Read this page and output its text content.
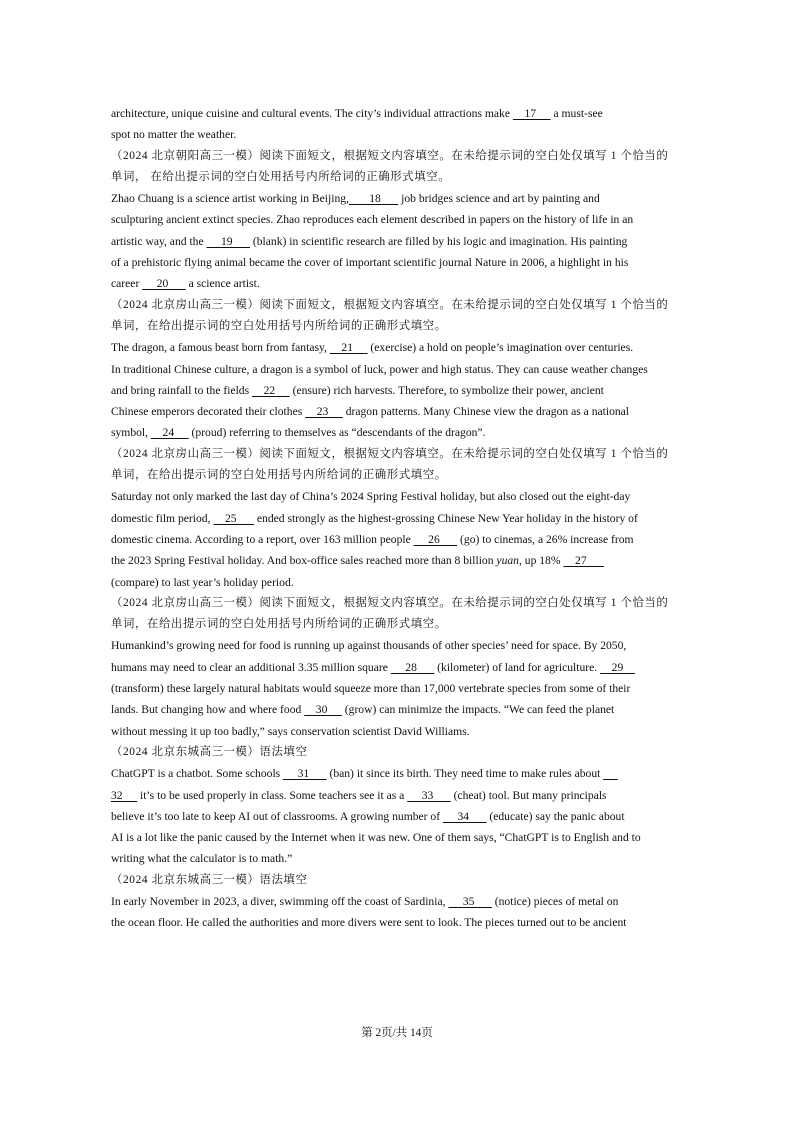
architecture, unique cuisine and cultural events. The city’s individual attractions make     17      a must-see
spot no matter the weather.
（2024 北京朝阳高三一模）阅读下面短文，根据短文内容填空。在未给提示词的空白处仅填写 1 个恰当的
单词， 在给出提示词的空白处用括号内所给词的正确形式填空。
Zhao Chuang is a science artist working in Beijing,       18       job bridges science and art by painting and
sculpturing ancient extinct species. Zhao reproduces each element described in papers on the history of life in an
artistic way, and the      19       (blank) in scientific research are filled by his logic and imagination. His painting
of a prehistoric flying animal became the cover of important scientific journal Nature in 2006, a highlight in his
career      20       a science artist.
（2024 北京房山高三一模）阅读下面短文，根据短文内容填空。在未给提示词的空白处仅填写 1 个恰当的
单词，在给出提示词的空白处用括号内所给词的正确形式填空。
The dragon, a famous beast born from fantasy,     21      (exercise) a hold on people’s imagination over centuries.
In traditional Chinese culture, a dragon is a symbol of luck, power and high status. They can cause weather changes
and bring rainfall to the fields     22      (ensure) rich harvests. Therefore, to symbolize their power, ancient
Chinese emperors decorated their clothes     23      dragon patterns. Many Chinese view the dragon as a national
symbol,     24      (proud) referring to themselves as “descendants of the dragon”.
（2024 北京房山高三一模）阅读下面短文，根据短文内容填空。在未给提示词的空白处仅填写 1 个恰当的
单词，在给出提示词的空白处用括号内所给词的正确形式填空。
Saturday not only marked the last day of China’s 2024 Spring Festival holiday, but also closed out the eight-day
domestic film period,     25       ended strongly as the highest-grossing Chinese New Year holiday in the history of
domestic cinema. According to a report, over 163 million people      26       (go) to cinemas, a 26% increase from
the 2023 Spring Festival holiday. And box-office sales reached more than 8 billion yuan, up 18%     27
(compare) to last year’s holiday period.
（2024 北京房山高三一模）阅读下面短文，根据短文内容填空。在未给提示词的空白处仅填写 1 个恰当的
单词，在给出提示词的空白处用括号内所给词的正确形式填空。
Humankind’s growing need for food is running up against thousands of other species’ need for space. By 2050,
humans may need to clear an additional 3.35 million square      28       (kilometer) of land for agriculture.     29
(transform) these largely natural habitats would squeeze more than 17,000 vertebrate species from some of their
lands. But changing how and where food     30      (grow) can minimize the impacts. “We can feed the planet
without messing it up too badly,” says conservation scientist David Williams.
（2024 北京东城高三一模）语法填空
ChatGPT is a chatbot. Some schools      31       (ban) it since its birth. They need time to make rules about
32      it’s to be used properly in class. Some teachers see it as a      33       (cheat) tool. But many principals
believe it’s too late to keep AI out of classrooms. A growing number of      34       (educate) say the panic about
AI is a lot like the panic caused by the Internet when it was new. One of them says, “ChatGPT is to English and to
writing what the calculator is to math.”
（2024 北京东城高三一模）语法填空
In early November in 2023, a diver, swimming off the coast of Sardinia,      35       (notice) pieces of metal on
the ocean floor. He called the authorities and more divers were sent to look. The pieces turned out to be ancient
第 2页/共 14页
